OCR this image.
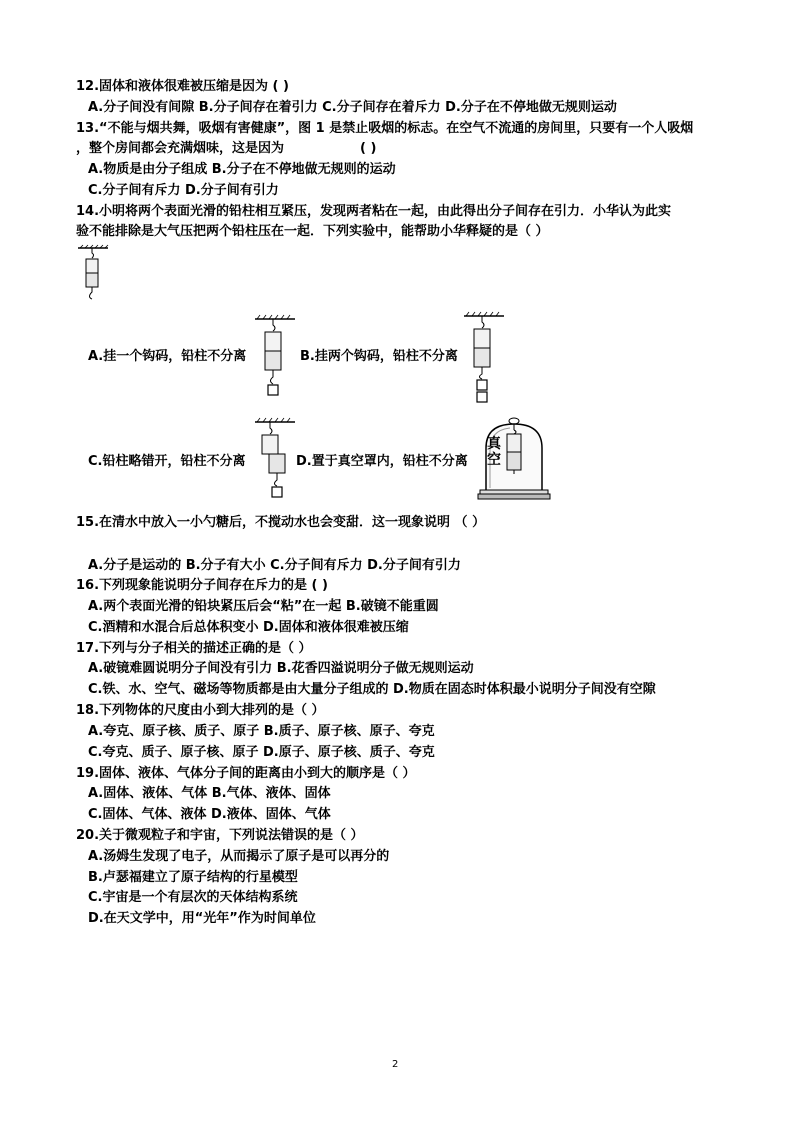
12.固体和液体很难被压缩是因为 ( )
A.分子间没有间隙 B.分子间存在着引力 C.分子间存在着斥力 D.分子在不停地做无规则运动
13.“不能与烟共舞，吸烟有害健康”，图 1 是禁止吸烟的标志。在空气不流通的房间里，只要有一个人吸烟
，整个房间都会充满烟味，这是因为	( )
A.物质是由分子组成 B.分子在不停地做无规则的运动
C.分子间有斥力 D.分子间有引力
14.小明将两个表面光滑的铅柱相互紧压，发现两者粘在一起，由此得出分子间存在引力．小华认为此实
验不能排除是大气压把两个铅柱压在一起．下列实验中，能帮助小华释疑的是（ ）
A.挂一个钩码，铅柱不分离	B.挂两个钩码，铅柱不分离
C.铅柱略错开，铅柱不分离	D.置于真空罩内，铅柱不分离
真
空
15.在清水中放入一小勺糖后，不搅动水也会变甜．这一现象说明 （ ）
A.分子是运动的 B.分子有大小 C.分子间有斥力 D.分子间有引力
16.下列现象能说明分子间存在斥力的是 ( )
A.两个表面光滑的铅块紧压后会“粘”在一起 B.破镜不能重圆
C.酒精和水混合后总体积变小 D.固体和液体很难被压缩
17.下列与分子相关的描述正确的是（ ）
A.破镜难圆说明分子间没有引力 B.花香四溢说明分子做无规则运动
C.铁、水、空气、磁场等物质都是由大量分子组成的 D.物质在固态时体积最小说明分子间没有空隙
18.下列物体的尺度由小到大排列的是（ ）
A.夸克、原子核、质子、原子 B.质子、原子核、原子、夸克
C.夸克、质子、原子核、原子 D.原子、原子核、质子、夸克
19.固体、液体、气体分子间的距离由小到大的顺序是（ ）
A.固体、液体、气体 B.气体、液体、固体
C.固体、气体、液体 D.液体、固体、气体
20.关于微观粒子和宇宙，下列说法错误的是（ ）
A.汤姆生发现了电子，从而揭示了原子是可以再分的
B.卢瑟福建立了原子结构的行星模型
C.宇宙是一个有层次的天体结构系统
D.在天文学中，用“光年”作为时间单位
2
